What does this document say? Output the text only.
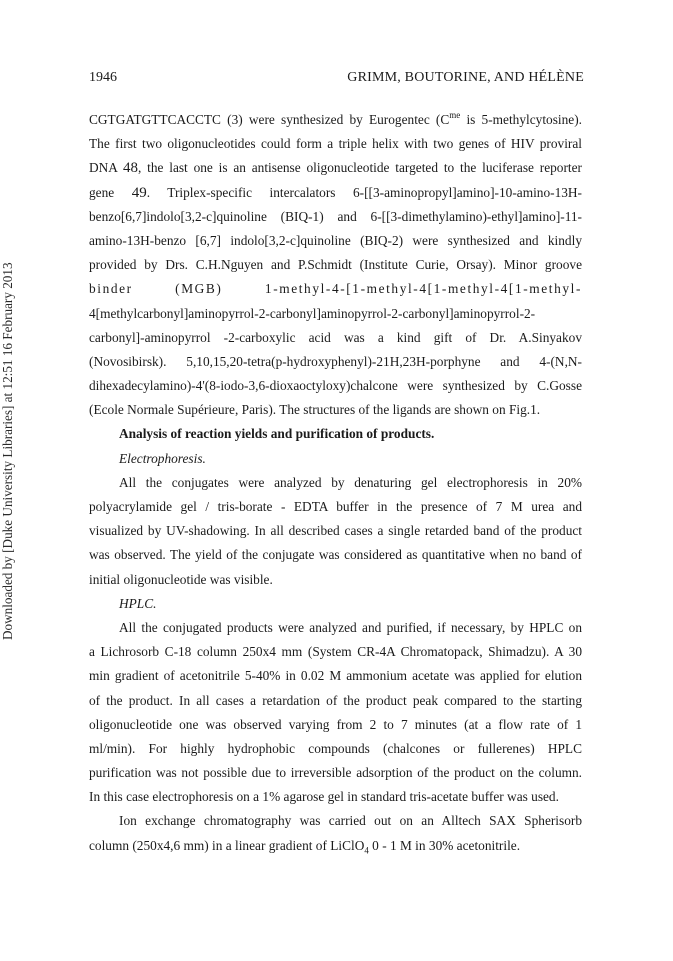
1946	GRIMM, BOUTORINE, AND HÉLÈNE
Downloaded by [Duke University Libraries] at 12:51 16 February 2013
CGTGATGTTCACCTC (3) were synthesized by Eurogentec ($C^{me}$ is 5-methylcytosine).
The first two oligonucleotides could form a triple helix with two genes of HIV proviral
DNA 48, the last one is an antisense oligonucleotide targeted to the luciferase reporter
gene 49. Triplex-specific intercalators 6-[[3-aminopropyl]amino]-10-amino-13H-
benzo[6,7]indolo[3,2-c]quinoline (BIQ-1) and 6-[[3-dimethylamino)-ethyl]amino]-11-
amino-13H-benzo [6,7] indolo[3,2-c]quinoline (BIQ-2) were synthesized and kindly
provided by Drs. C.H.Nguyen and P.Schmidt (Institute Curie, Orsay). Minor groove
binder (MGB) 1-methyl-4-[1-methyl-4[1-methyl-4[1-methyl-
4[methylcarbonyl]aminopyrrol-2-carbonyl]aminopyrrol-2-carbonyl]aminopyrrol-2-
carbonyl]-aminopyrrol -2-carboxylic acid was a kind gift of Dr. A.Sinyakov
(Novosibirsk). 5,10,15,20-tetra(p-hydroxyphenyl)-21H,23H-porphyne and 4-(N,N-
dihexadecylamino)-4'(8-iodo-3,6-dioxaoctyloxy)chalcone were synthesized by C.Gosse
(Ecole Normale Supérieure, Paris). The structures of the ligands are shown on Fig.1.
Analysis of reaction yields and purification of products.
Electrophoresis.
All the conjugates were analyzed by denaturing gel electrophoresis in 20%
polyacrylamide gel / tris-borate - EDTA buffer in the presence of 7 M urea and
visualized by UV-shadowing. In all described cases a single retarded band of the product
was observed. The yield of the conjugate was considered as quantitative when no band of
initial oligonucleotide was visible.
HPLC.
All the conjugated products were analyzed and purified, if necessary, by HPLC on
a Lichrosorb C-18 column 250x4 mm (System CR-4A Chromatopack, Shimadzu). A 30
min gradient of acetonitrile 5-40% in 0.02 M ammonium acetate was applied for elution
of the product. In all cases a retardation of the product peak compared to the starting
oligonucleotide one was observed varying from 2 to 7 minutes (at a flow rate of 1
ml/min). For highly hydrophobic compounds (chalcones or fullerenes) HPLC
purification was not possible due to irreversible adsorption of the product on the column.
In this case electrophoresis on a 1% agarose gel in standard tris-acetate buffer was used.
Ion exchange chromatography was carried out on an Alltech SAX Spherisorb
column (250x4,6 mm) in a linear gradient of LiClO$_4$ 0 - 1 M in 30% acetonitrile.
